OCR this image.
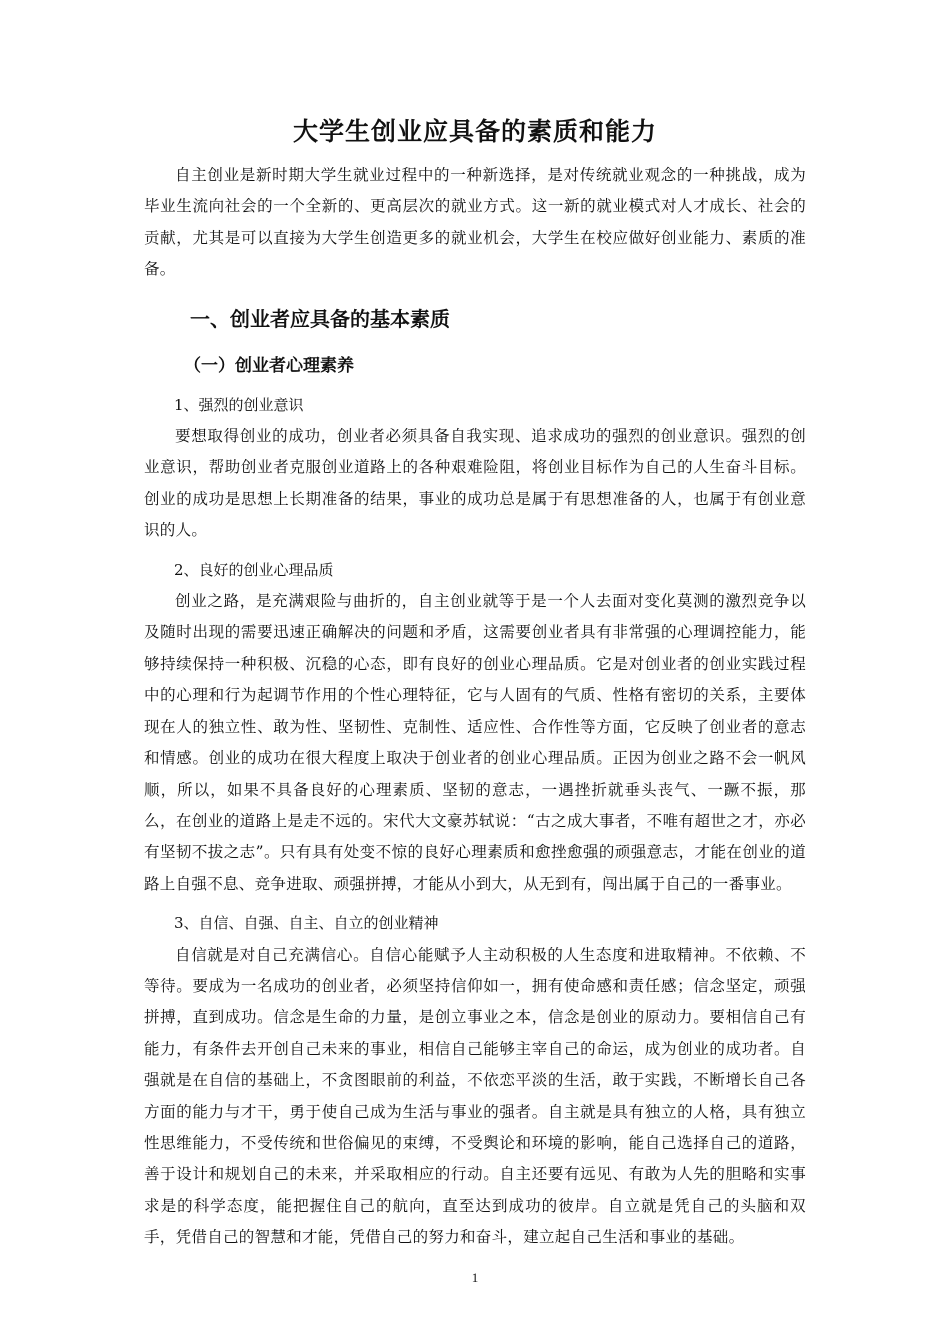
大学生创业应具备的素质和能力

自主创业是新时期大学生就业过程中的一种新选择，是对传统就业观念的一种挑战，成为毕业生流向社会的一个全新的、更高层次的就业方式。这一新的就业模式对人才成长、社会的贡献，尤其是可以直接为大学生创造更多的就业机会，大学生在校应做好创业能力、素质的准备。

一、创业者应具备的基本素质
（一）创业者心理素养

1、强烈的创业意识

要想取得创业的成功，创业者必须具备自我实现、追求成功的强烈的创业意识。强烈的创业意识，帮助创业者克服创业道路上的各种艰难险阻，将创业目标作为自己的人生奋斗目标。创业的成功是思想上长期准备的结果，事业的成功总是属于有思想准备的人，也属于有创业意识的人。

2、良好的创业心理品质

创业之路，是充满艰险与曲折的，自主创业就等于是一个人去面对变化莫测的激烈竞争以及随时出现的需要迅速正确解决的问题和矛盾，这需要创业者具有非常强的心理调控能力，能够持续保持一种积极、沉稳的心态，即有良好的创业心理品质。它是对创业者的创业实践过程中的心理和行为起调节作用的个性心理特征，它与人固有的气质、性格有密切的关系，主要体现在人的独立性、敢为性、坚韧性、克制性、适应性、合作性等方面，它反映了创业者的意志和情感。创业的成功在很大程度上取决于创业者的创业心理品质。正因为创业之路不会一帆风顺，所以，如果不具备良好的心理素质、坚韧的意志，一遇挫折就垂头丧气、一蹶不振，那么，在创业的道路上是走不远的。宋代大文豪苏轼说：“古之成大事者，不唯有超世之才，亦必有坚韧不拔之志”。只有具有处变不惊的良好心理素质和愈挫愈强的顽强意志，才能在创业的道路上自强不息、竞争进取、顽强拼搏，才能从小到大，从无到有，闯出属于自己的一番事业。

3、自信、自强、自主、自立的创业精神

自信就是对自己充满信心。自信心能赋予人主动积极的人生态度和进取精神。不依赖、不等待。要成为一名成功的创业者，必须坚持信仰如一，拥有使命感和责任感；信念坚定，顽强拼搏，直到成功。信念是生命的力量，是创立事业之本，信念是创业的原动力。要相信自己有能力，有条件去开创自己未来的事业，相信自己能够主宰自己的命运，成为创业的成功者。自强就是在自信的基础上，不贪图眼前的利益，不依恋平淡的生活，敢于实践，不断增长自己各方面的能力与才干，勇于使自己成为生活与事业的强者。自主就是具有独立的人格，具有独立性思维能力，不受传统和世俗偏见的束缚，不受舆论和环境的影响，能自己选择自己的道路，善于设计和规划自己的未来，并采取相应的行动。自主还要有远见、有敢为人先的胆略和实事求是的科学态度，能把握住自己的航向，直至达到成功的彼岸。自立就是凭自己的头脑和双手，凭借自己的智慧和才能，凭借自己的努力和奋斗，建立起自己生活和事业的基础。

1
